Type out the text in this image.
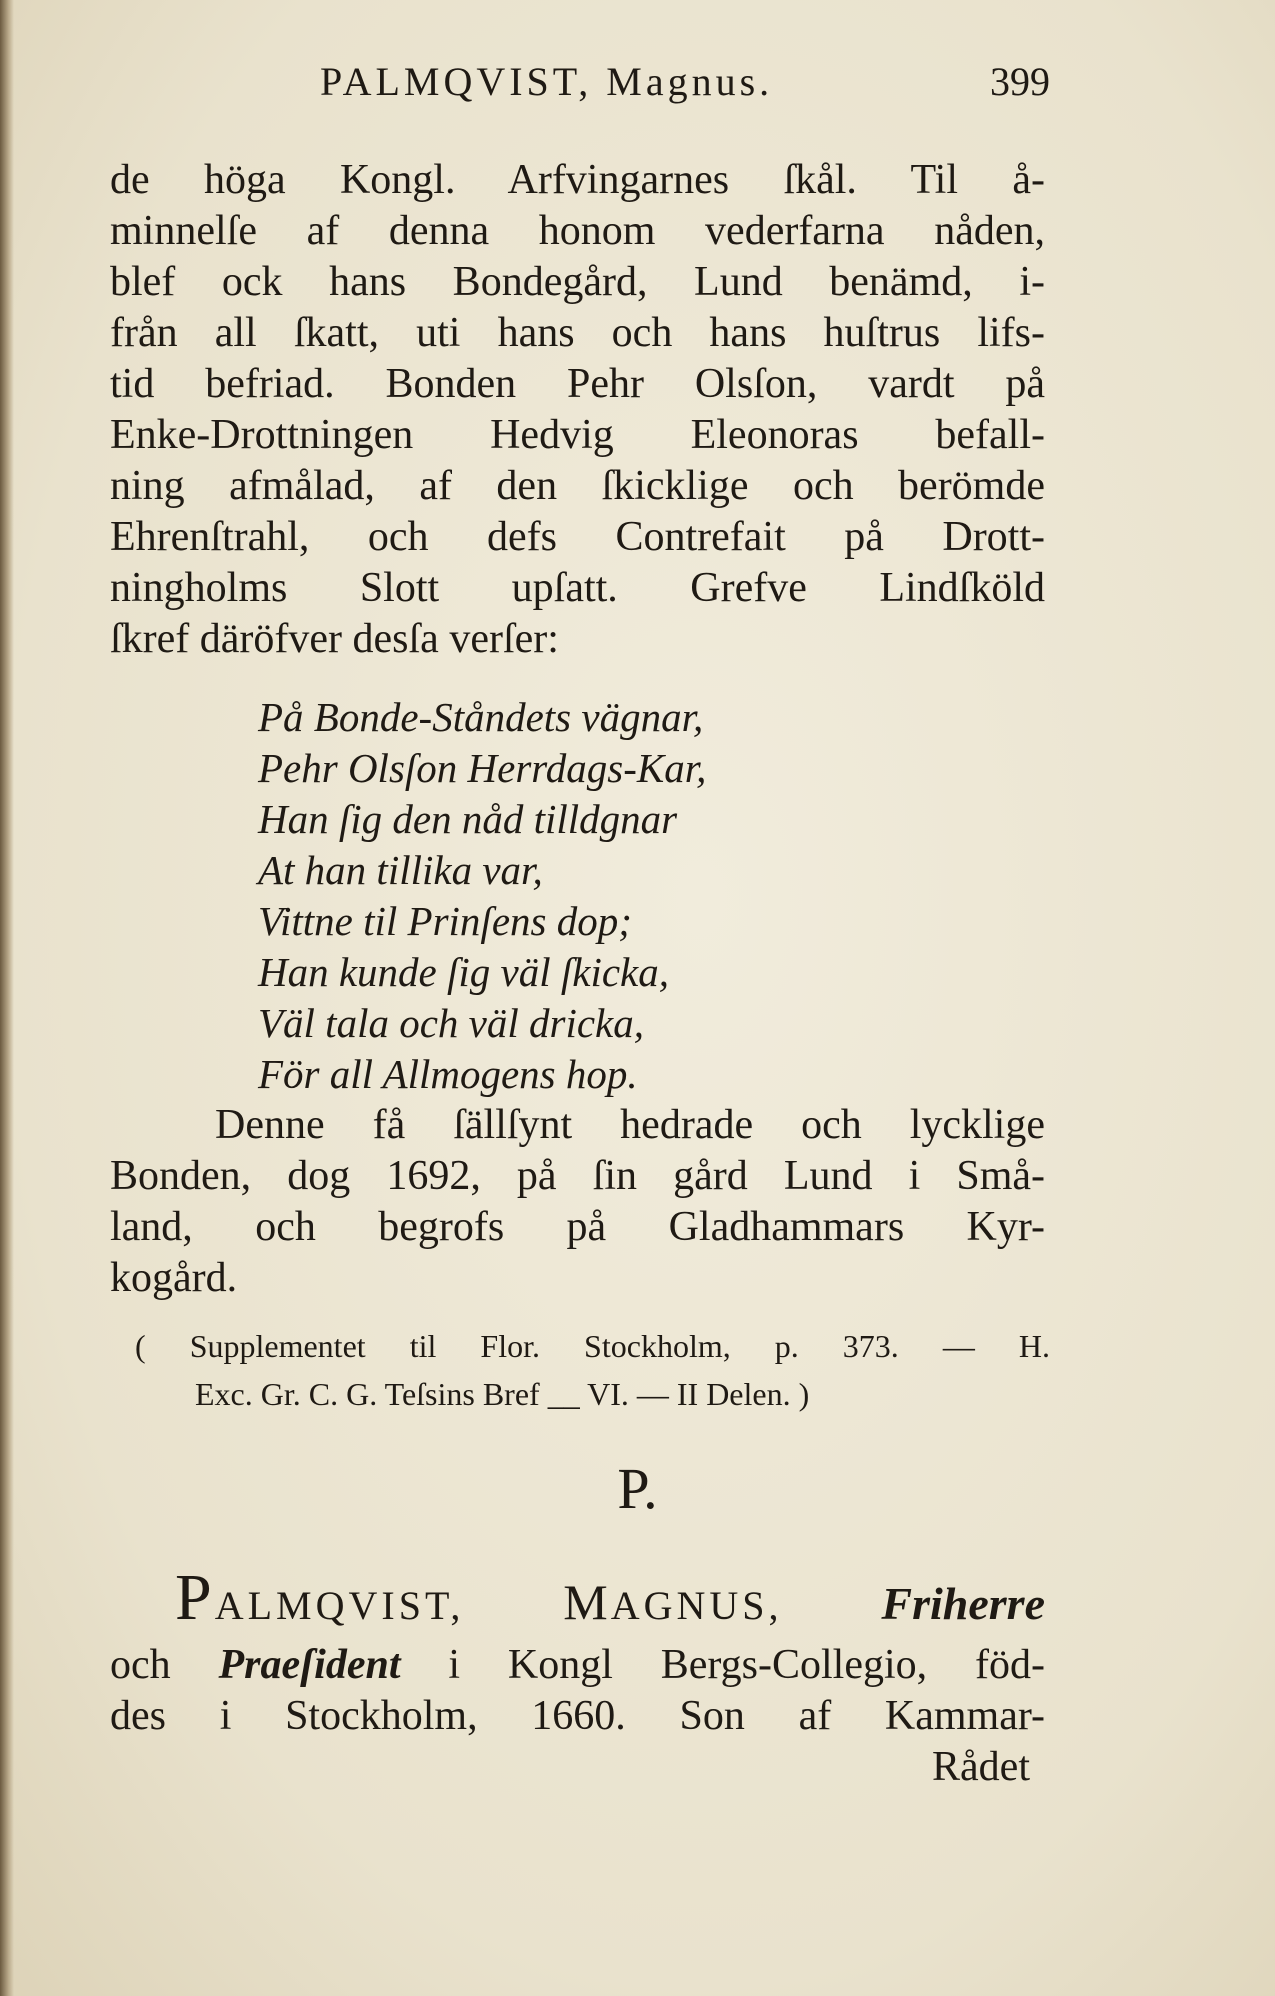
PALMQVIST, Magnus.	399
de höga Kongl. Arfvingarnes ſkål. Til å-
minnelſe af denna honom vederfarna nåden,
blef ock hans Bondegård, Lund benämd, i-
från all ſkatt, uti hans och hans huſtrus lifs-
tid befriad. Bonden Pehr Olsſon, vardt på
Enke-Drottningen Hedvig Eleonoras befall-
ning afmålad, af den ſkicklige och berömde
Ehrenſtrahl, och defs Contrefait på Drott-
ningholms Slott upſatt. Grefve Lindſköld
ſkref däröfver desſa verſer:
På Bonde-Ståndets vägnar,
Pehr Olsſon Herrdags-Kar,
Han ſig den nåd tilldgnar
At han tillika var,
Vittne til Prinſens dop;
Han kunde ſig väl ſkicka,
Väl tala och väl dricka,
För all Allmogens hop.
Denne få ſällſynt hedrade och lycklige
Bonden, dog 1692, på ſin gård Lund i Små-
land, och begrofs på Gladhammars Kyr-
kogård.
( Supplementet til Flor. Stockholm, p. 373. — H.
Exc. Gr. C. G. Teſsins Bref __ VI. — II Delen. )
P.
PALMQVIST, MAGNUS, Friherre
och Praeſident i Kongl Bergs-Collegio, föd-
des i Stockholm, 1660. Son af Kammar-
Rådet
